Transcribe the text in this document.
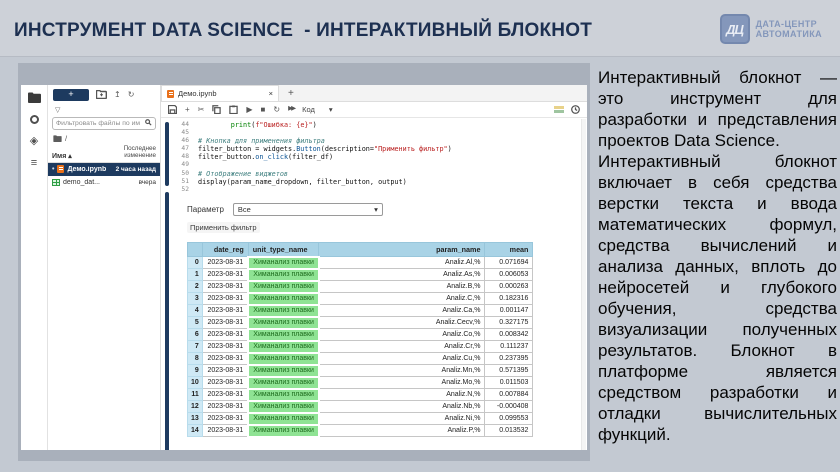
ИНСТРУМЕНТ DATA SCIENCE  - ИНТЕРАКТИВНЫЙ БЛОКНОТ	ДЦ	ДАТА-ЦЕНТР
АВТОМАТИКА
◈
≡
+	↥ ↻
▽
Фильтровать файлы по им
/
Имя ▴
Последнее
изменение
• Демо.ipynb	2 часа назад
demo_dat...	вчера
Демо.ipynb	× +
+ ✂	▶ ■ ↻ ▶▶ Код ▾
44	print(f"Ошибка: {e}")
45
46 # Кнопка для применения фильтра
47 filter_button = widgets.Button(description="Применить фильтр")
48 filter_button.on_click(filter_df)
49
50 # Отображение виджетов
51 display(param_name_dropdown, filter_button, output)
52
Параметр Все	▾
Применить фильтр
	date_reg	unit_type_name	param_name	mean
0	2023-08-31	Химанализ плавки	Analiz.Al,%	0.071694
1	2023-08-31	Химанализ плавки	Analiz.As,%	0.006053
2	2023-08-31	Химанализ плавки	Analiz.B,%	0.000263
3	2023-08-31	Химанализ плавки	Analiz.C,%	0.182316
4	2023-08-31	Химанализ плавки	Analiz.Ca,%	0.001147
5	2023-08-31	Химанализ плавки	Analiz.Cecv,%	0.327175
6	2023-08-31	Химанализ плавки	Analiz.Co,%	0.008342
7	2023-08-31	Химанализ плавки	Analiz.Cr,%	0.111237
8	2023-08-31	Химанализ плавки	Analiz.Cu,%	0.237395
9	2023-08-31	Химанализ плавки	Analiz.Mn,%	0.571395
10	2023-08-31	Химанализ плавки	Analiz.Mo,%	0.011503
11	2023-08-31	Химанализ плавки	Analiz.N,%	0.007884
12	2023-08-31	Химанализ плавки	Analiz.Nb,%	-0.000408
13	2023-08-31	Химанализ плавки	Analiz.Ni,%	0.099553
14	2023-08-31	Химанализ плавки	Analiz.P,%	0.013532

Интерактивный блокнот — это инструмент для разработки и представления проектов Data Science.

Интерактивный блокнот включает в себя средства верстки текста и ввода математических формул, средства вычислений и анализа данных, вплоть до нейросетей и глубокого обучения, средства визуализации полученных результатов. Блокнот в платформе является средством разработки и отладки вычислительных функций.
